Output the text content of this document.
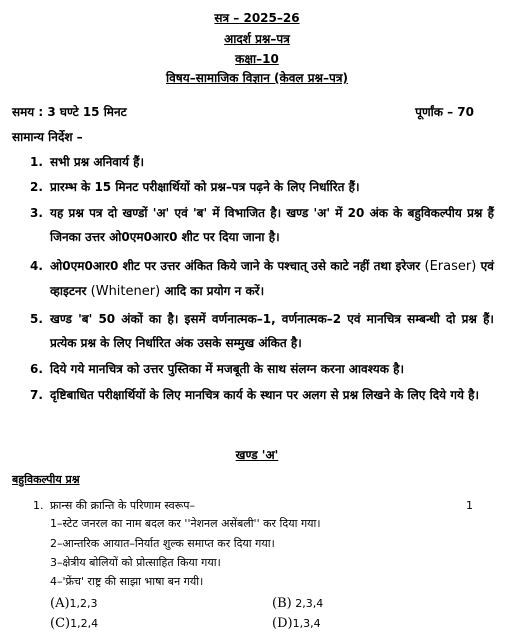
सत्र – 2025–26
आदर्श प्रश्न–पत्र
कक्षा–10
विषय–सामाजिक विज्ञान (केवल प्रश्न–पत्र)
समय : 3 घण्टे 15 मिनट	पूर्णांक – 70
सामान्य निर्देश –
1. सभी प्रश्न अनिवार्य हैं।
2. प्रारम्भ के 15 मिनट परीक्षार्थियों को प्रश्न–पत्र पढ़ने के लिए निर्धारित हैं।
3. यह प्रश्न पत्र दो खण्डों 'अ' एवं 'ब' में विभाजित है। खण्ड 'अ' में 20 अंक के बहुविकल्पीय प्रश्न हैं जिनका उत्तर ओ0एम0आर0 शीट पर दिया जाना है।
4. ओ0एम0आर0 शीट पर उत्तर अंकित किये जाने के पश्चात् उसे काटे नहीं तथा इरेजर (Eraser) एवं व्हाइटनर (Whitener) आदि का प्रयोग न करें।
5. खण्ड 'ब' 50 अंकों का है। इसमें वर्णनात्मक–1, वर्णनात्मक–2 एवं मानचित्र सम्बन्धी दो प्रश्न हैं। प्रत्येक प्रश्न के लिए निर्धारित अंक उसके सम्मुख अंकित है।
6. दिये गये मानचित्र को उत्तर पुस्तिका में मजबूती के साथ संलग्न करना आवश्यक है।
7. दृष्टिबाधित परीक्षार्थियों के लिए मानचित्र कार्य के स्थान पर अलग से प्रश्न लिखने के लिए दिये गये है।
खण्ड 'अ'
बहुविकल्पीय प्रश्न
1. फ्रान्स की क्रान्ति के परिणाम स्वरूप–	1
1–स्टेट जनरल का नाम बदल कर ''नेशनल असेंबली'' कर दिया गया।
2–आन्तरिक आयात–निर्यात शुल्क समाप्त कर दिया गया।
3–क्षेत्रीय बोलियों को प्रोत्साहित किया गया।
4–'फ्रेंच' राष्ट्र की साझा भाषा बन गयी।
(A)1,2,3	(B) 2,3,4
(C)1,2,4	(D)1,3,4
